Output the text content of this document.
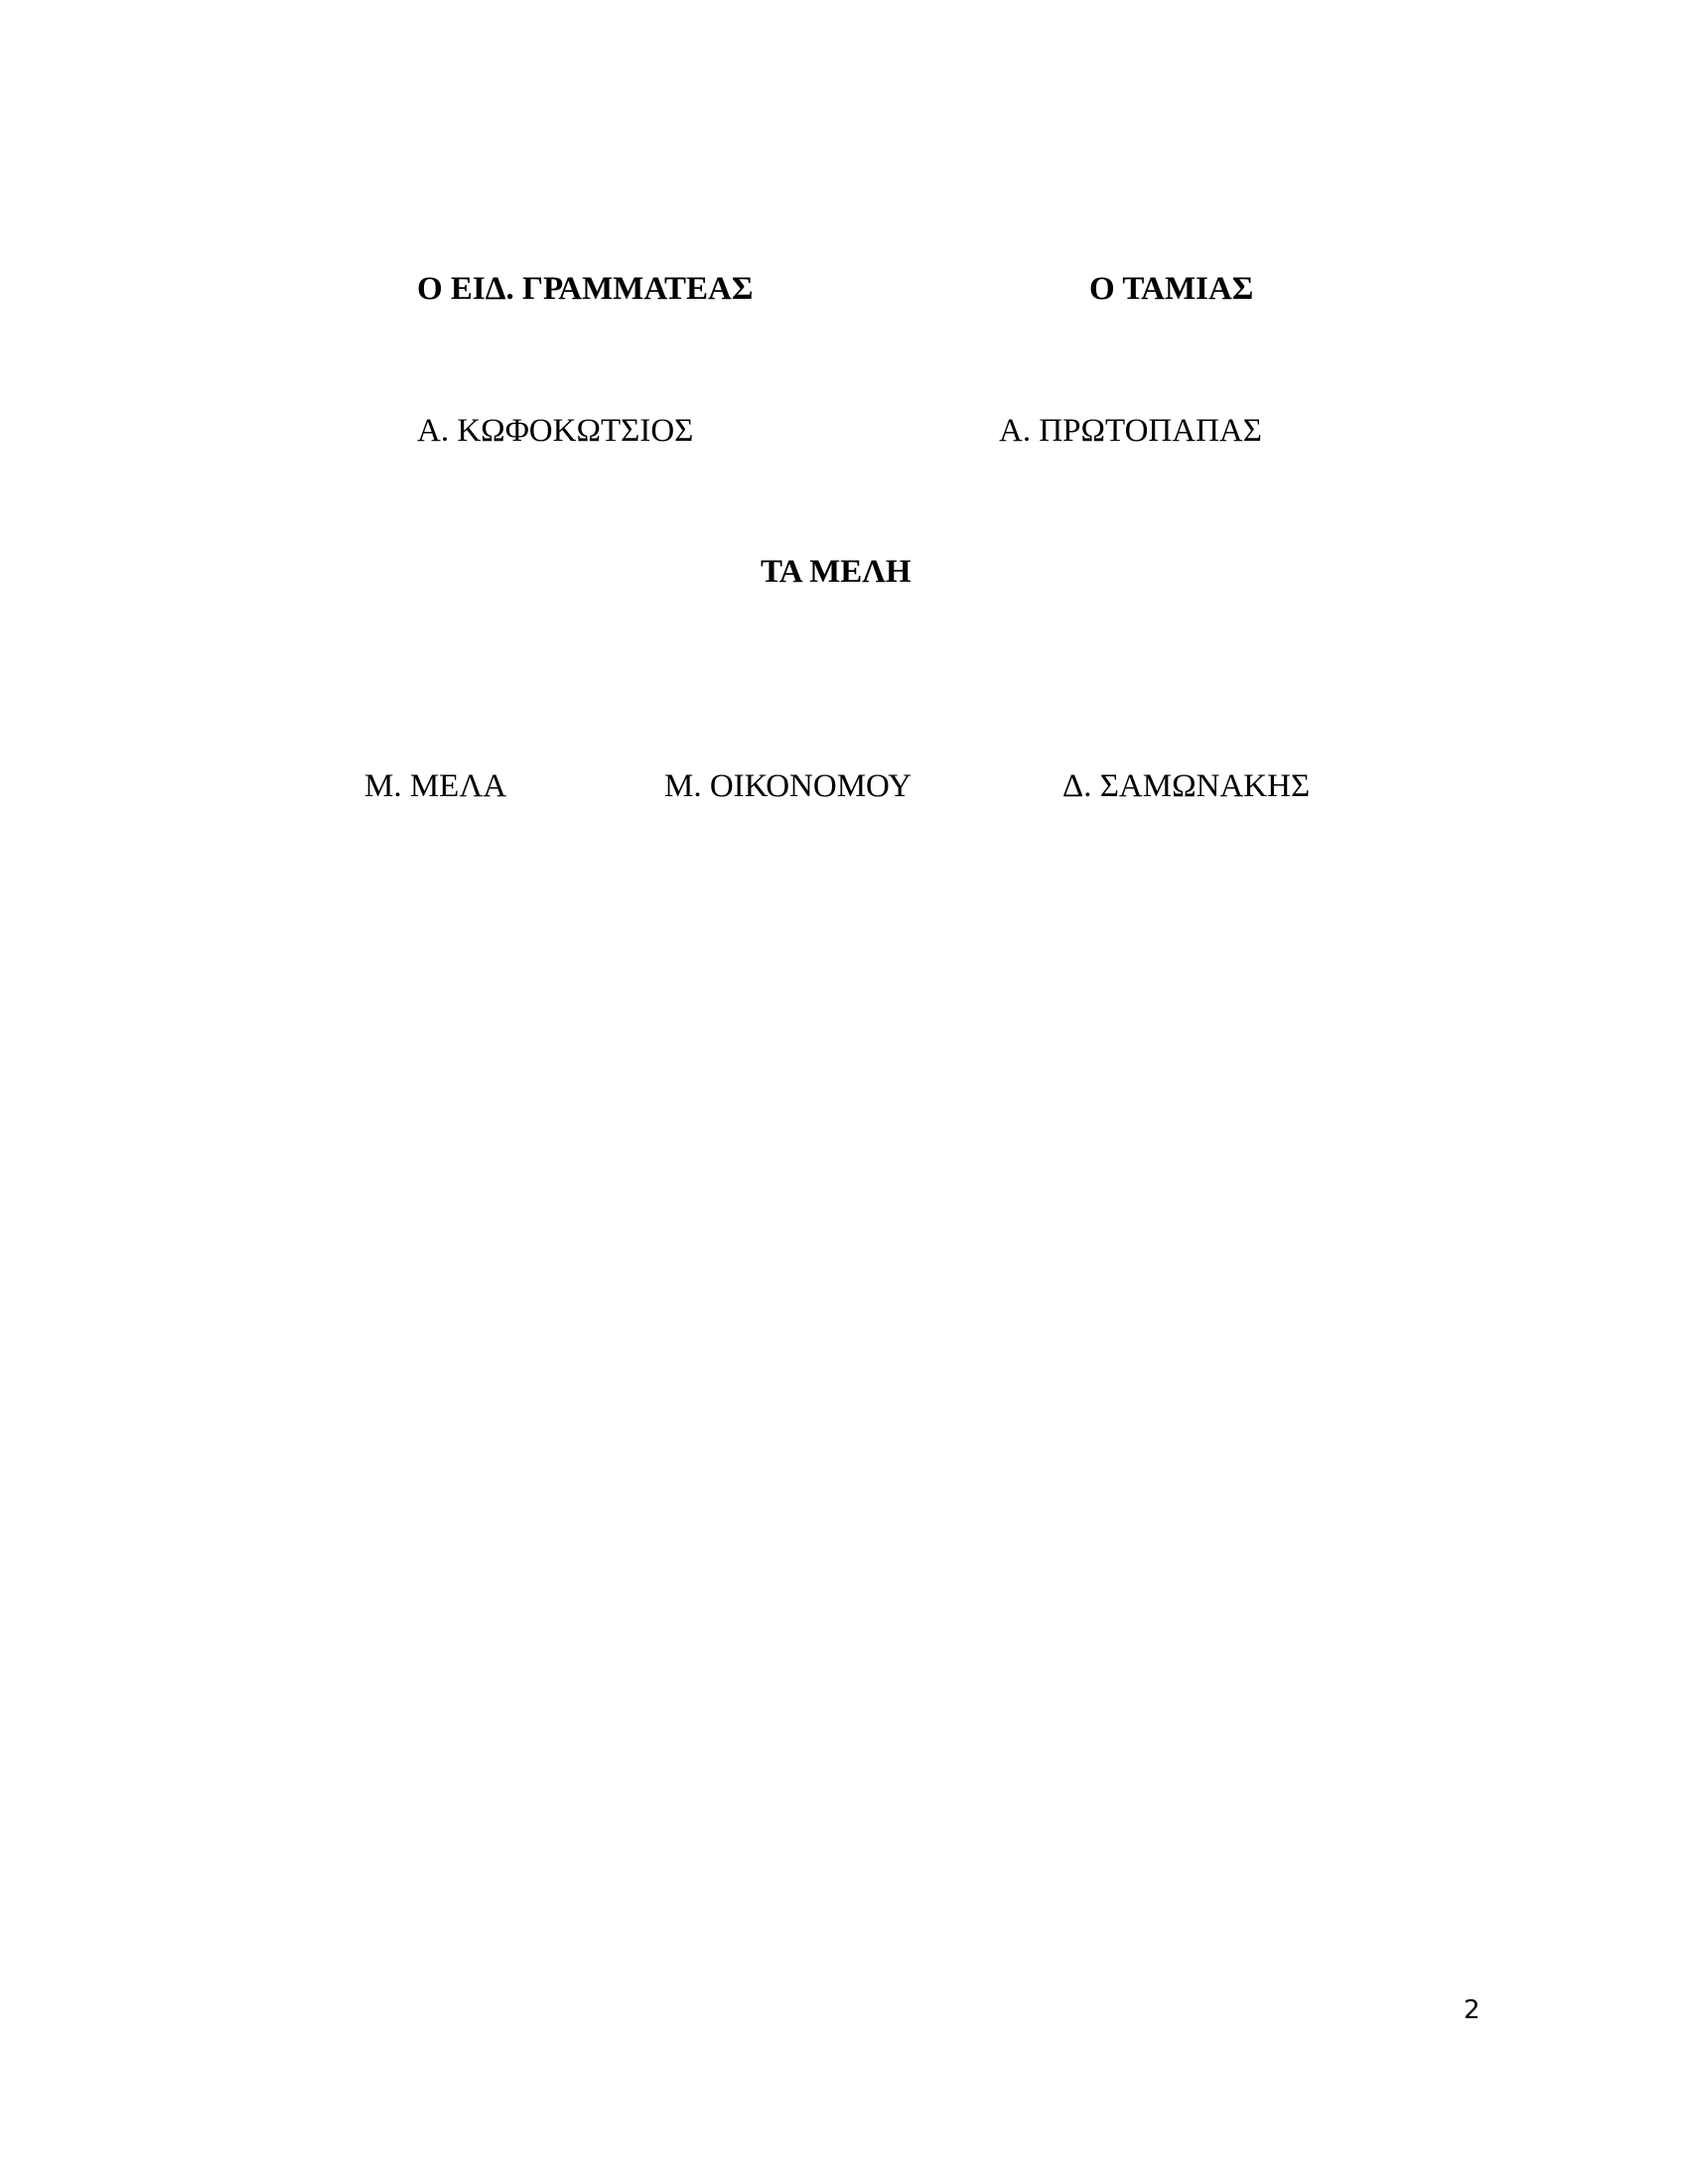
Ο ΕΙΔ. ΓΡΑΜΜΑΤΕΑΣ	Ο ΤΑΜΙΑΣ
Α. ΚΩΦΟΚΩΤΣΙΟΣ	Α. ΠΡΩΤΟΠΑΠΑΣ
ΤΑ ΜΕΛΗ
Μ. ΜΕΛΑ	Μ. ΟΙΚΟΝΟΜΟΥ	Δ. ΣΑΜΩΝΑΚΗΣ
2
